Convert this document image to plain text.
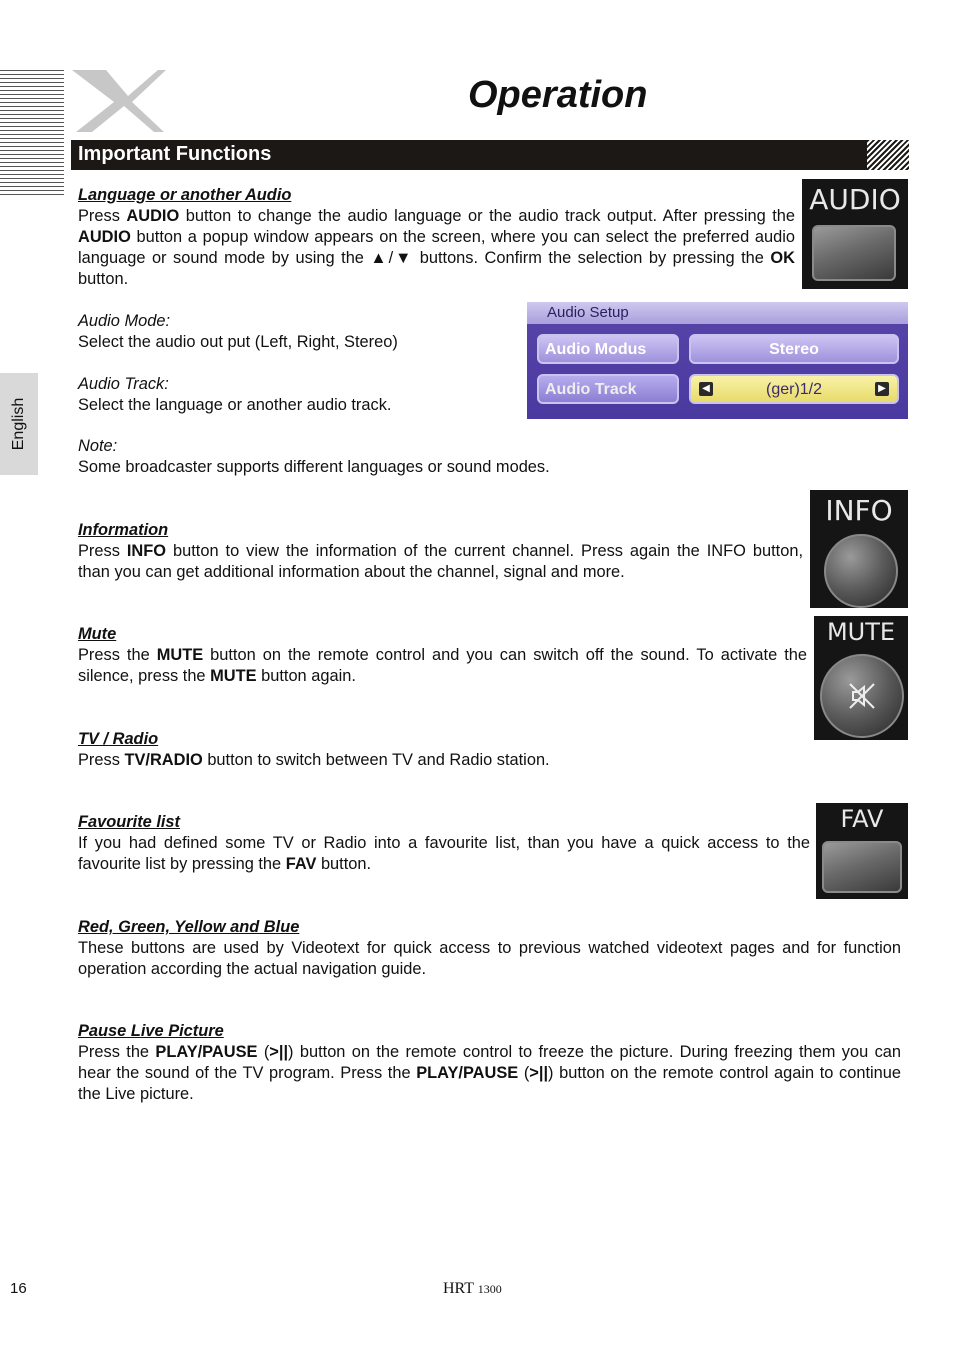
Operation
English
Important Functions

Language or another Audio

Press AUDIO button to change the audio language or the audio track output. After pressing the AUDIO button a popup window appears on the screen, where you can select the preferred audio language or sound mode by using the ▲/▼ buttons. Confirm the selection by pressing the OK button.

AUDIO

Audio Mode:

Select the audio out put (Left, Right, Stereo)

Audio Track:

Select the language or another audio track.

Note:

Some broadcaster supports different languages or sound modes.

Audio Setup
Audio Modus	Stereo
Audio Track	◀	(ger)1/2	▶

Information

Press INFO button to view the information of the current channel. Press again the INFO button, than you can get additional information about the channel, signal and more.

INFO

Mute

Press the MUTE button on the remote control and you can switch off the sound. To activate the silence, press the MUTE button again.

MUTE

TV / Radio

Press TV/RADIO button to switch between TV and Radio station.

Favourite list

If you had defined some TV or Radio into a favourite list, than you have a quick access to the favourite list by pressing the FAV button.

FAV

Red, Green, Yellow and Blue

These buttons are used by Videotext for quick access to previous watched videotext pages and for function operation according the actual navigation guide.

Pause Live Picture

Press the PLAY/PAUSE (>||) button on the remote control to freeze the picture. During freezing them you can hear the sound of the TV program. Press the PLAY/PAUSE (>||) button on the remote control again to continue the Live picture.

16	HRT 1300
